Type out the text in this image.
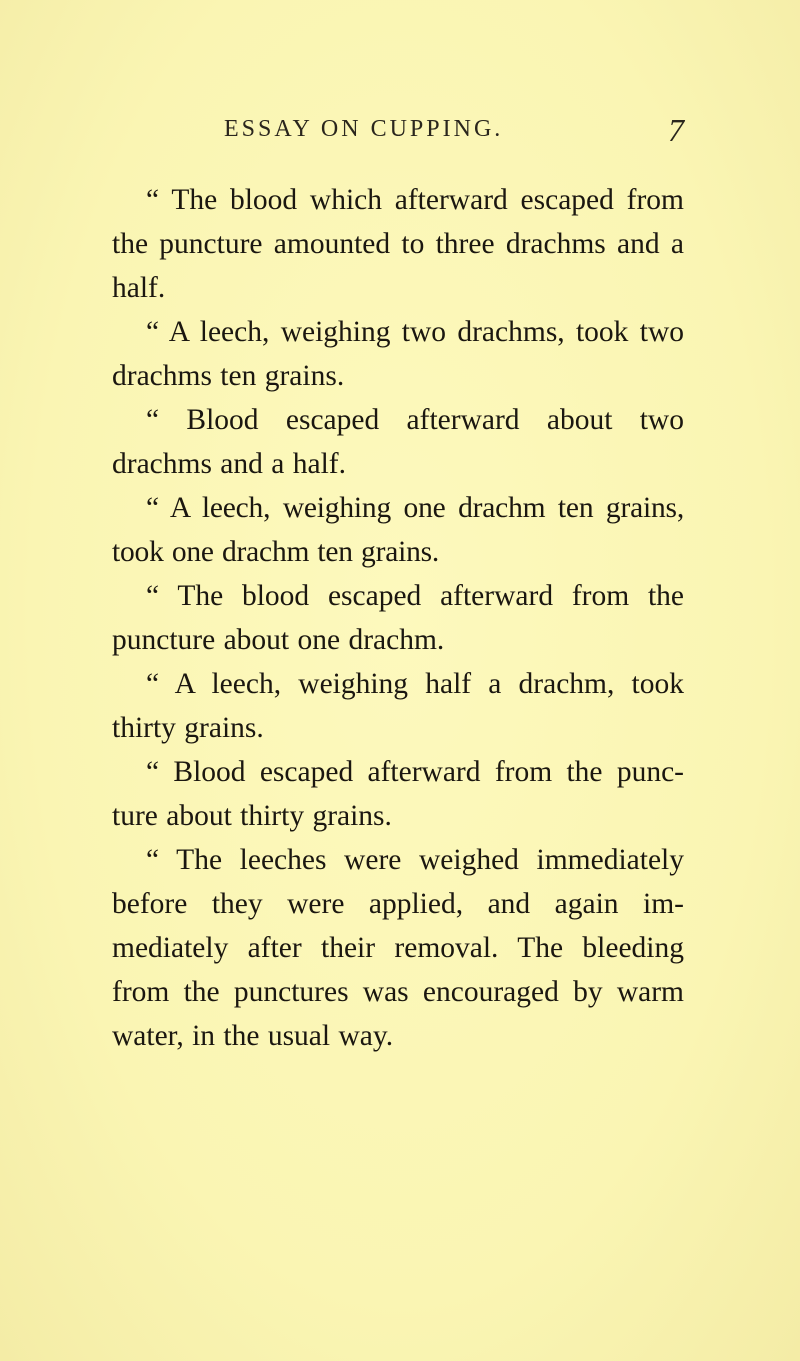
ESSAY ON CUPPING.	7

“ The blood which afterward escaped from the puncture amounted to three drachms and a half.

“ A leech, weighing two drachms, took two drachms ten grains.

“ Blood escaped afterward about two drachms and a half.

“ A leech, weighing one drachm ten grains, took one drachm ten grains.

“ The blood escaped afterward from the puncture about one drachm.

“ A leech, weighing half a drachm, took thirty grains.

“ Blood escaped afterward from the punc- ture about thirty grains.

“ The leeches were weighed immediately before they were applied, and again im- mediately after their removal. The bleeding from the punctures was encouraged by warm water, in the usual way.
